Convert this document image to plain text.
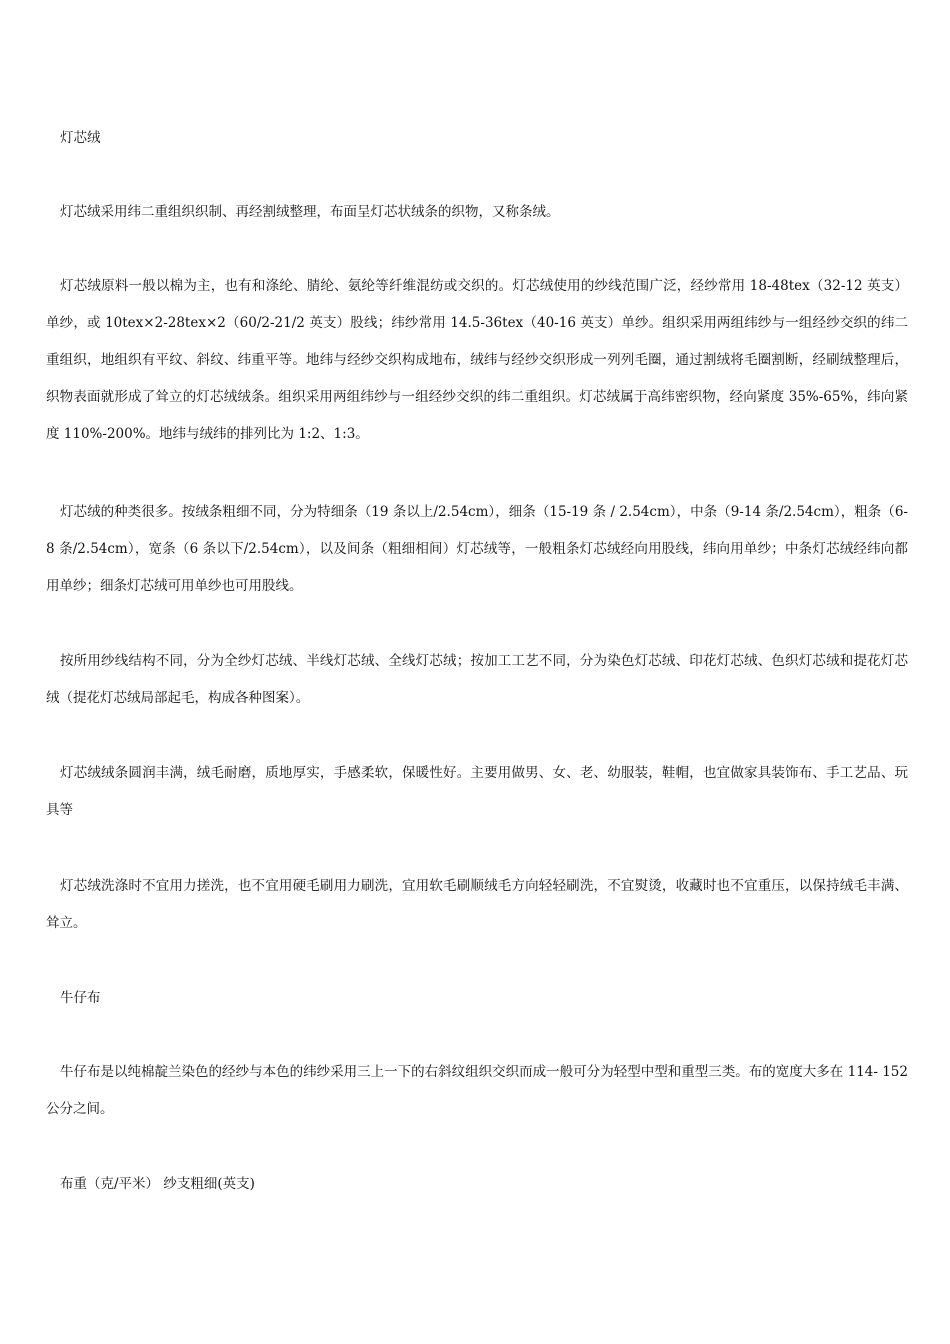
灯芯绒

灯芯绒采用纬二重组织织制、再经割绒整理，布面呈灯芯状绒条的织物，又称条绒。

灯芯绒原料一般以棉为主，也有和涤纶、腈纶、氨纶等纤维混纺或交织的。灯芯绒使用的纱线范围广泛，经纱常用 18-48tex（32-12 英支）单纱，或 10tex×2-28tex×2（60/2-21/2 英支）股线；纬纱常用 14.5-36tex（40-16 英支）单纱。组织采用两组纬纱与一组经纱交织的纬二重组织，地组织有平纹、斜纹、纬重平等。地纬与经纱交织构成地布，绒纬与经纱交织形成一列列毛圈，通过割绒将毛圈割断，经刷绒整理后，织物表面就形成了耸立的灯芯绒绒条。组织采用两组纬纱与一组经纱交织的纬二重组织。灯芯绒属于高纬密织物，经向紧度 35%-65%，纬向紧度 110%-200%。地纬与绒纬的排列比为 1:2、1:3。

灯芯绒的种类很多。按绒条粗细不同，分为特细条（19 条以上/2.54cm），细条（15-19 条 / 2.54cm），中条（9-14 条/2.54cm），粗条（6-8 条/2.54cm），宽条（6 条以下/2.54cm），以及间条（粗细相间）灯芯绒等，一般粗条灯芯绒经向用股线，纬向用单纱；中条灯芯绒经纬向都用单纱；细条灯芯绒可用单纱也可用股线。

按所用纱线结构不同，分为全纱灯芯绒、半线灯芯绒、全线灯芯绒；按加工工艺不同，分为染色灯芯绒、印花灯芯绒、色织灯芯绒和提花灯芯绒（提花灯芯绒局部起毛，构成各种图案）。

灯芯绒绒条圆润丰满，绒毛耐磨，质地厚实，手感柔软，保暖性好。主要用做男、女、老、幼服装，鞋帽，也宜做家具装饰布、手工艺品、玩具等

灯芯绒洗涤时不宜用力搓洗，也不宜用硬毛刷用力刷洗，宜用软毛刷顺绒毛方向轻轻刷洗，不宜熨烫，收藏时也不宜重压，以保持绒毛丰满、耸立。

牛仔布

牛仔布是以纯棉靛兰染色的经纱与本色的纬纱采用三上一下的右斜纹组织交织而成一般可分为轻型中型和重型三类。布的宽度大多在 114- 152 公分之间。

布重（克/平米） 纱支粗细(英支)
